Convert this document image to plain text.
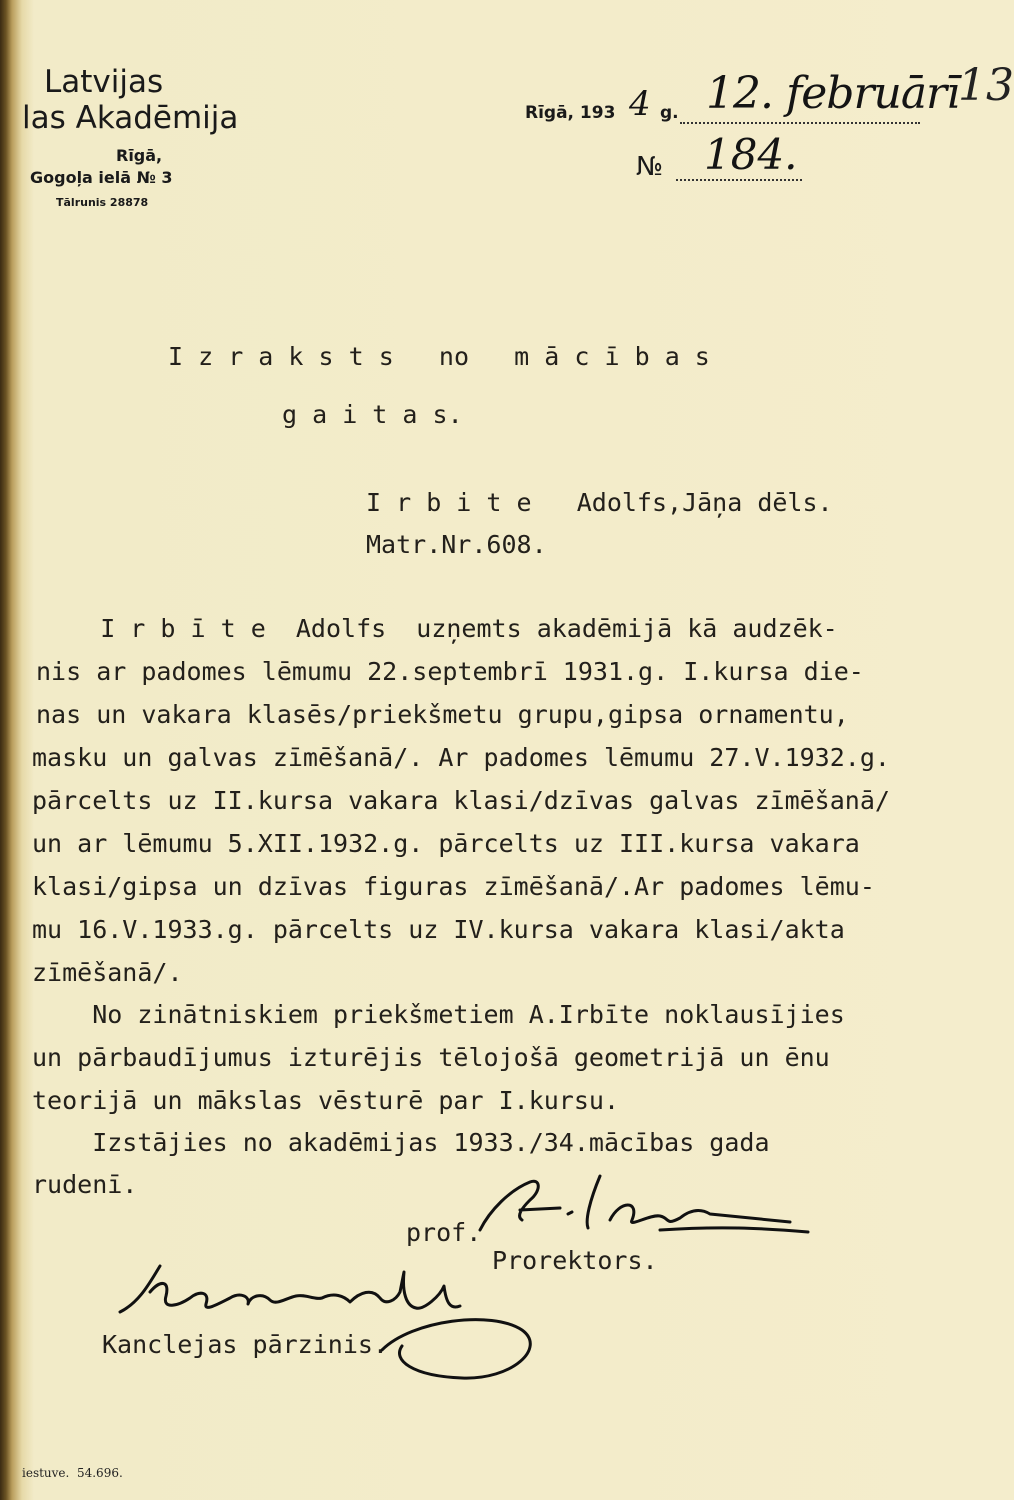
Latvijas
las Akadēmija
Rīgā,
Gogoļa ielā № 3
Tālrunis 28878
Rīgā, 193 4 g. 12. februārī
13
№ 184.
I z r a k s t s   no   m ā c ī b a s
g a i t a s.
I r b i t e   Adolfs,Jāņa dēls.
Matr.Nr.608.
I r b ī t e  Adolfs  uzņemts akadēmijā kā audzēk-
nis ar padomes lēmumu 22.septembrī 1931.g. I.kursa die-
nas un vakara klasēs/priekšmetu grupu,gipsa ornamentu,
masku un galvas zīmēšanā/. Ar padomes lēmumu 27.V.1932.g.
pārcelts uz II.kursa vakara klasi/dzīvas galvas zīmēšanā/
un ar lēmumu 5.XII.1932.g. pārcelts uz III.kursa vakara
klasi/gipsa un dzīvas figuras zīmēšanā/.Ar padomes lēmu-
mu 16.V.1933.g. pārcelts uz IV.kursa vakara klasi/akta
zīmēšanā/.
No zinātniskiem priekšmetiem A.Irbīte noklausījies
un pārbaudījumus izturējis tēlojošā geometrijā un ēnu
teorijā un mākslas vēsturē par I.kursu.
Izstājies no akadēmijas 1933./34.mācības gada
rudenī.
prof.
Prorektors.
Kanclejas pārzinis.
iestuve.  54.696.
